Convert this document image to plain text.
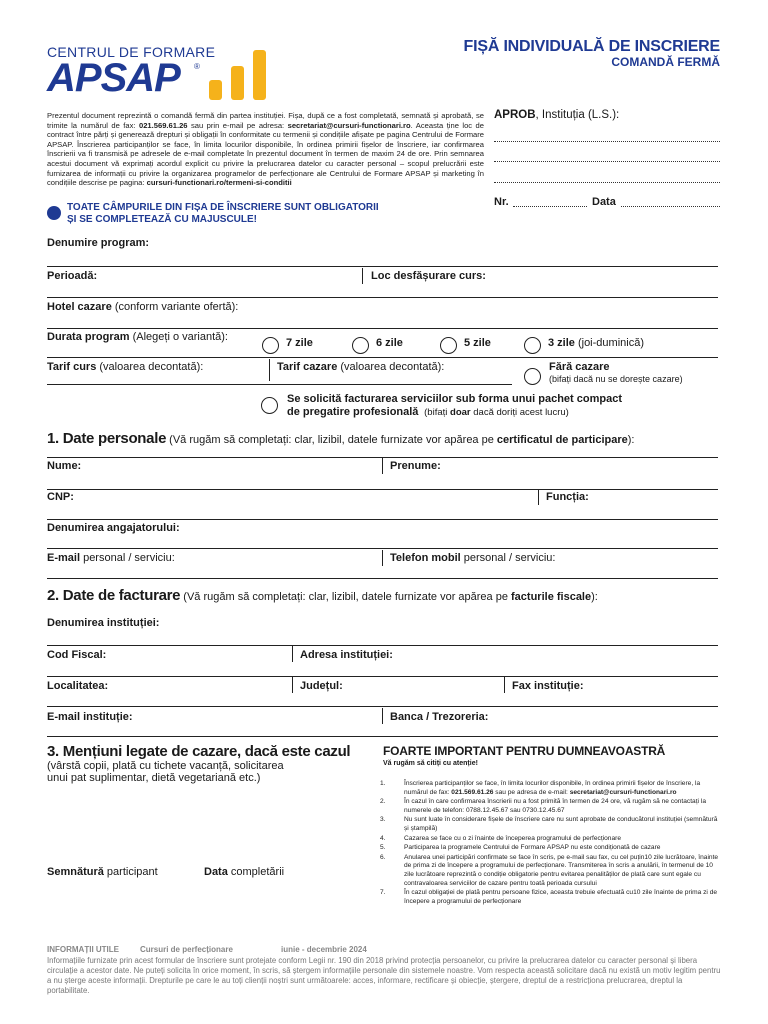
CENTRUL DE FORMARE
APSAP ®
FIȘĂ INDIVIDUALĂ DE INSCRIERE
COMANDĂ FERMĂ
Prezentul document reprezintă o comandă fermă din partea instituției. Fișa, după ce a fost completată, semnată și aprobată, se trimite la numărul de fax: 021.569.61.26 sau prin e-mail pe adresa: secretariat@cursuri-functionari.ro. Aceasta ține loc de contract între părți și generează drepturi și obligații în conformitate cu termenii și condițiile afișate pe pagina Centrului de Formare APSAP. Înscrierea participanților se face, în limita locurilor disponibile, în ordinea primirii fișelor de înscriere, iar confirmarea înscrierii va fi transmisă pe adresele de e-mail completate în prezentul document în termen de maxim 24 de ore. Prin semnarea acestui document vă exprimați acordul explicit cu privire la prelucrarea datelor cu caracter personal – scopul prelucrării este furnizarea de informații cu privire la organizarea programelor de perfecționare ale Centrului de Formare APSAP și marketing în condițiile descrise pe pagina: cursuri-functionari.ro/termeni-si-conditii
APROB, Instituția (L.S.):
Nr.	Data
TOATE CÂMPURILE DIN FIȘA DE ÎNSCRIERE SUNT OBLIGATORII
ȘI SE COMPLETEAZĂ CU MAJUSCULE!
Denumire program:
Perioadă:	Loc desfășurare curs:
Hotel cazare (conform variante ofertă):
Durata program (Alegeți o variantă):	7 zile	6 zile	5 zile	3 zile (joi-duminică)
Tarif curs (valoarea decontată):	Tarif cazare (valoarea decontată):	Fără cazare
(bifați dacă nu se dorește cazare)
Se solicită facturarea serviciilor sub forma unui pachet compact
de pregatire profesională (bifați doar dacă doriți acest lucru)
1. Date personale (Vă rugăm să completați: clar, lizibil, datele furnizate vor apărea pe certificatul de participare):
Nume:	Prenume:
CNP:	Funcția:
Denumirea angajatorului:
E-mail personal / serviciu:	Telefon mobil personal / serviciu:
2. Date de facturare (Vă rugăm să completați: clar, lizibil, datele furnizate vor apărea pe facturile fiscale):
Denumirea instituției:
Cod Fiscal:	Adresa instituției:
Localitatea:	Județul:	Fax instituție:
E-mail instituție:	Banca / Trezoreria:
3. Mențiuni legate de cazare, dacă este cazul
(vârstă copii, plată cu tichete vacanță, solicitarea
unui pat suplimentar, dietă vegetariană etc.)
Semnătură participant	Data completării
FOARTE IMPORTANT PENTRU DUMNEAVOASTRĂ
Vă rugăm să citiți cu atenție!
1.	Înscrierea participanților se face, în limita locurilor disponibile, în ordinea primirii fișelor de înscriere, la numărul de fax: 021.569.61.26 sau pe adresa de e-mail: secretariat@cursuri-functionari.ro
2.	În cazul în care confirmarea înscrierii nu a fost primită în termen de 24 ore, vă rugăm să ne contactați la numerele de telefon: 0788.12.45.67 sau 0730.12.45.67
3.	Nu sunt luate în considerare fișele de înscriere care nu sunt aprobate de conducătorul instituției (semnătură și ștampilă)
4.	Cazarea se face cu o zi înainte de începerea programului de perfecționare
5.	Participarea la programele Centrului de Formare APSAP nu este condiționată de cazare
6.	Anularea unei participări confirmate se face în scris, pe e-mail sau fax, cu cel puțin10 zile lucrătoare, înainte de prima zi de începere a programului de perfecționare. Transmiterea în scris a anulării, în termenul de 10 zile lucrătoare reprezintă o condiție obligatorie pentru evitarea penalităților de plată care sunt egale cu contravaloarea serviciilor de cazare pentru toată perioada cursului
7.	În cazul obligației de plată pentru persoane fizice, aceasta trebuie efectuată cu10 zile înainte de prima zi de începere a programului de perfecționare
INFORMAȚII UTILE	Cursuri de perfecționare	iunie - decembrie 2024
Informațiile furnizate prin acest formular de înscriere sunt protejate conform Legii nr. 190 din 2018 privind protecția persoanelor, cu privire la prelucrarea datelor cu caracter personal și libera circulație a acestor date. Ne puteți solicita în orice moment, în scris, să ștergem informațiile personale din sistemele noastre. Vom respecta această solicitare dacă nu există un motiv legitim pentru a nu șterge aceste informații. Drepturile pe care le au toți clienții noștri sunt următoarele: acces, informare, rectificare și obiecție, ștergere, dreptul de a restricționa prelucrarea, dreptul la portabilitate.
